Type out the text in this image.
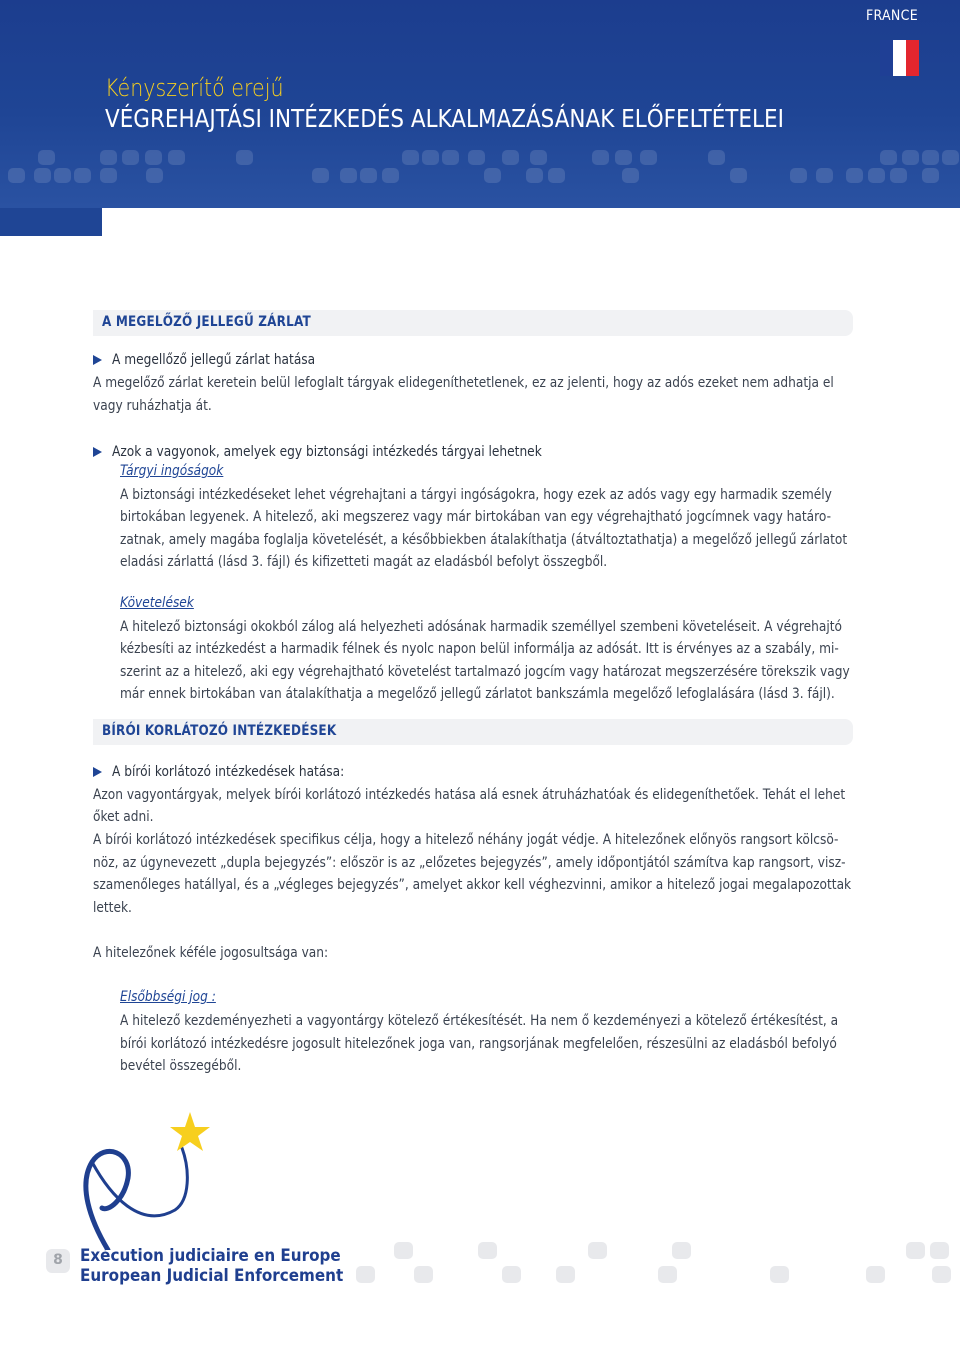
FRANCE
Kényszerítő erejű
VÉGREHAJTÁSI INTÉZKEDÉS ALKALMAZÁSÁNAK ELŐFELTÉTELEI
A MEGELŐZŐ JELLEGŰ ZÁRLAT
A megellőző jellegű zárlat hatása
A megelőző zárlat keretein belül lefoglalt tárgyak elidegeníthetetlenek, ez az jelenti, hogy az adós ezeket nem adhatja el
vagy ruházhatja át.
Azok a vagyonok, amelyek egy biztonsági intézkedés tárgyai lehetnek
Tárgyi ingóságok
A biztonsági intézkedéseket lehet végrehajtani a tárgyi ingóságokra, hogy ezek az adós vagy egy harmadik személy
birtokában legyenek. A hitelező, aki megszerez vagy már birtokában van egy végrehajtható jogcímnek vagy határo-
zatnak, amely magába foglalja követelését, a későbbiekben átalakíthatja (átváltoztathatja) a megelőző jellegű zárlatot
eladási zárlattá (lásd 3. fájl) és kifizetteti magát az eladásból befolyt összegből.
Követelések
A hitelező biztonsági okokból zálog alá helyezheti adósának harmadik személlyel szembeni követeléseit. A végrehajtó
kézbesíti az intézkedést a harmadik félnek és nyolc napon belül informálja az adósát. Itt is érvényes az a szabály, mi-
szerint az a hitelező, aki egy végrehajtható követelést tartalmazó jogcím vagy határozat megszerzésére törekszik vagy
már ennek birtokában van átalakíthatja a megelőző jellegű zárlatot bankszámla megelőző lefoglalására (lásd 3. fájl).
BÍRÓI KORLÁTOZÓ INTÉZKEDÉSEK
A bírói korlátozó intézkedések hatása:
Azon vagyontárgyak, melyek bírói korlátozó intézkedés hatása alá esnek átruházhatóak és elidegeníthetőek. Tehát el lehet
őket adni.
A bírói korlátozó intézkedések specifikus célja, hogy a hitelező néhány jogát védje. A hitelezőnek előnyös rangsort kölcsö-
nöz, az úgynevezett „dupla bejegyzés”: először is az „előzetes bejegyzés”, amely időpontjától számítva kap rangsort, visz-
szamenőleges hatállyal, és a „végleges bejegyzés”, amelyet akkor kell véghezvinni, amikor a hitelező jogai megalapozottak
lettek.
A hitelezőnek kéféle jogosultsága van:
Elsőbbségi jog :
A hitelező kezdeményezheti a vagyontárgy kötelező értékesítését. Ha nem ő kezdeményezi a kötelező értékesítést, a
bírói korlátozó intézkedésre jogosult hitelezőnek joga van, rangsorjának megfelelően, részesülni az eladásból befolyó
bevétel összegéből.
8	Exécution judiciaire en Europe
European Judicial Enforcement
